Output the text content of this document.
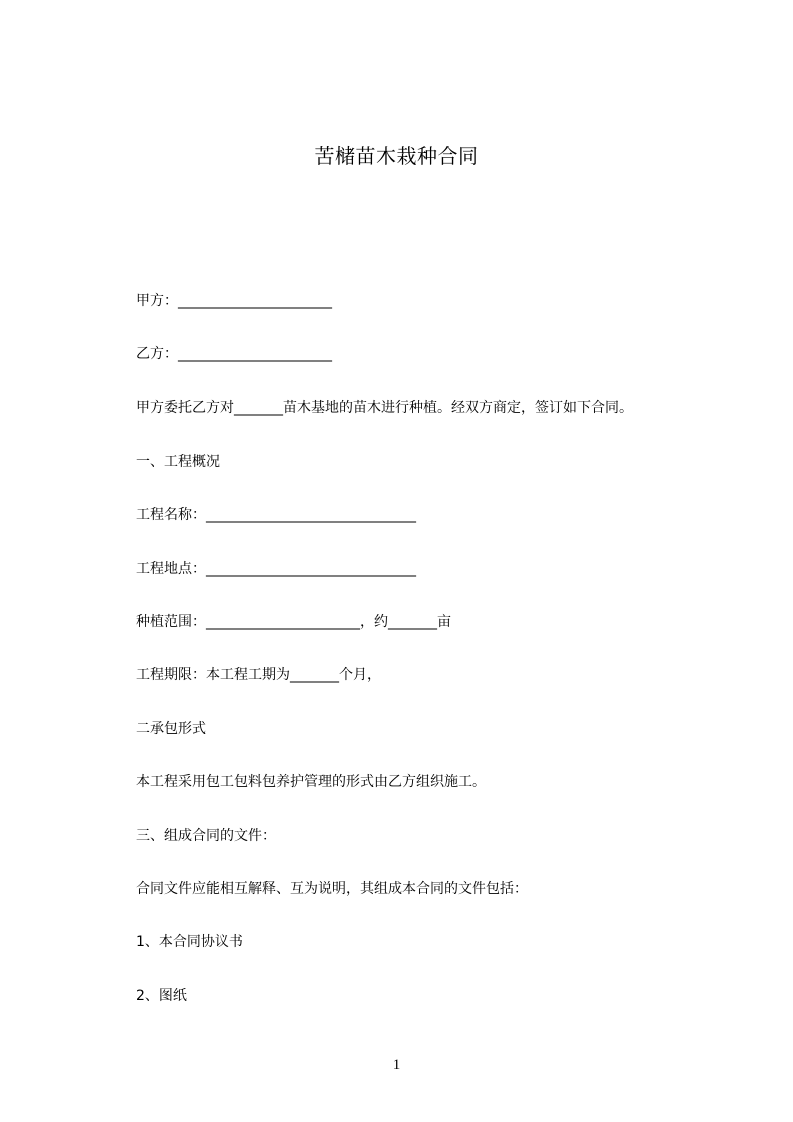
苦槠苗木栽种合同
甲方：______________________
乙方：______________________
甲方委托乙方对_______苗木基地的苗木进行种植。经双方商定，签订如下合同。
一、工程概况
工程名称：______________________________
工程地点：______________________________
种植范围：______________________，约_______亩
工程期限：本工程工期为_______个月，
二承包形式
本工程采用包工包料包养护管理的形式由乙方组织施工。
三、组成合同的文件：
合同文件应能相互解释、互为说明，其组成本合同的文件包括：
1、本合同协议书
2、图纸
1
